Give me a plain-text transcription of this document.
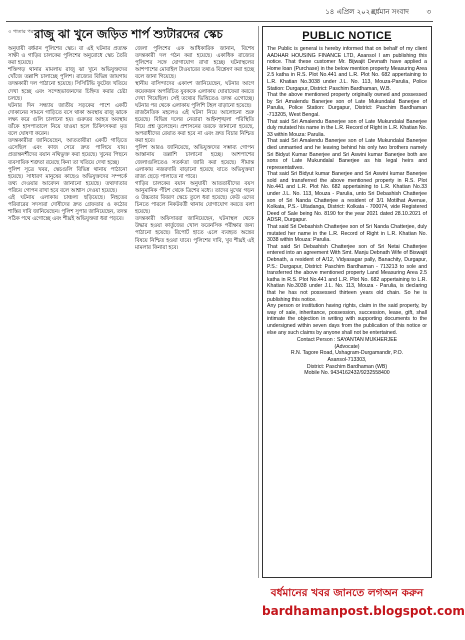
১৪ এপ্রিল ২০২৫,
বর্ধমান সংবাদ ৩
৩ পাতার পর রাজু ঝা খুনে জড়িত শার্প শ্যুটারদের স্কেচ

অনুযায়ী বর্ধমান পুলিশের স্কেচ। বা এই ঘটনার প্রত্যক্ষ সাক্ষী ও গাড়ির চালকের পুলিশের অনুরোধে স্কেচ তৈরি করা হয়েছে।

শক্তিগড় থানার মামলায় রাজু ঝা খুনে অভিযুক্তদের খোঁজে তল্লাশি চালাচ্ছে পুলিশ। রাজ্যের বিভিন্ন জায়গায় তদন্তকারী দল পাঠানো হয়েছে। সিসিটিভি ফুটেজ খতিয়ে দেখা হচ্ছে এবং সন্দেহভাজনদের চিহ্নিত করার চেষ্টা চলছে।

ঘটনার দিন সন্ধ্যায় জাতীয় সড়কের পাশে একটি দোকানের সামনে গাড়িতে বসে থাকা অবস্থায় রাজু ঝাকে লক্ষ্য করে গুলি চালানো হয়। গুরুতর আহত অবস্থায় তাঁকে হাসপাতালে নিয়ে যাওয়া হলে চিকিৎসকরা মৃত বলে ঘোষণা করেন।

তদন্তকারীরা জানিয়েছেন, আততায়ীরা একটি গাড়িতে এসেছিল এবং কাজ সেরে দ্রুত পালিয়ে যায়। প্রত্যক্ষদর্শীদের বয়ান নথিভুক্ত করা হয়েছে। খুনের পিছনে ব্যবসায়িক শত্রুতা রয়েছে কিনা তা খতিয়ে দেখা হচ্ছে।

পুলিশ সূত্রে খবর, স্কেচগুলি বিভিন্ন থানায় পাঠানো হয়েছে। সাধারণ মানুষের কাছেও অভিযুক্তদের সম্পর্কে তথ্য দেওয়ার আবেদন জানানো হয়েছে। তথ্যদাতার পরিচয় গোপন রাখা হবে বলে আশ্বাস দেওয়া হয়েছে।

এই ঘটনায় এলাকায় চাঞ্চল্য ছড়িয়েছে। নিহতের পরিবারের সদস্যরা দোষীদের দ্রুত গ্রেফতার ও কঠোর শাস্তির দাবি জানিয়েছেন। পুলিশ সুপার জানিয়েছেন, তদন্ত সঠিক পথে এগোচ্ছে এবং শীঘ্রই অভিযুক্তরা ধরা পড়বে।

জেলা পুলিশের এক আধিকারিক জানান, বিশেষ তদন্তকারী দল গঠন করা হয়েছে। একাধিক রাজ্যের পুলিশের সঙ্গে যোগাযোগ রাখা হচ্ছে। ঘটনাস্থলের আশপাশের মোবাইল টাওয়ারের তথ্যও বিশ্লেষণ করা হচ্ছে বলে জানা গিয়েছে।

স্থানীয় বাসিন্দাদের একাংশ জানিয়েছেন, ঘটনার আগে কয়েকজন অপরিচিত যুবককে এলাকায় ঘোরাফেরা করতে দেখা গিয়েছিল। সেই তথ্যের ভিত্তিতেও তদন্ত এগোচ্ছে। ঘটনার পর থেকে এলাকায় পুলিশি টহল বাড়ানো হয়েছে।

রাজনৈতিক মহলেও এই ঘটনা নিয়ে আলোচনা শুরু হয়েছে। বিভিন্ন দলের নেতারা আইনশৃঙ্খলা পরিস্থিতি নিয়ে প্রশ্ন তুলেছেন। প্রশাসনের তরফে জানানো হয়েছে, অপরাধীদের রেয়াত করা হবে না এবং দ্রুত বিচার নিশ্চিত করা হবে।

পুলিশ আরও জানিয়েছে, অভিযুক্তদের সম্ভাব্য গোপন আস্তানায় তল্লাশি চালানো হচ্ছে। আশপাশের জেলাগুলিতেও সতর্কতা জারি করা হয়েছে। সীমান্ত এলাকায় নজরদারি বাড়ানো হয়েছে যাতে অভিযুক্তরা রাজ্য ছেড়ে পালাতে না পারে।

গাড়ির চালকের বয়ান অনুযায়ী আততায়ীদের বয়স আনুমানিক পঁচিশ থেকে ত্রিশের মধ্যে। তাদের মুখের গড়ন ও উচ্চতার বিবরণ স্কেচে তুলে ধরা হয়েছে। কেউ এদের চিনতে পারলে নিকটবর্তী থানায় যোগাযোগ করতে বলা হয়েছে।

তদন্তকারী অফিসাররা জানিয়েছেন, ঘটনাস্থল থেকে উদ্ধার হওয়া কার্তুজের খোল ফরেনসিক পরীক্ষার জন্য পাঠানো হয়েছে। রিপোর্ট হাতে এলে ব্যবহৃত অস্ত্রের বিষয়ে নিশ্চিত হওয়া যাবে। পুলিশের দাবি, খুব শীঘ্রই এই মামলার কিনারা হবে।

PUBLIC NOTICE

The Public is general is hereby informed that on behalf of my client AADHAR HOUSING FINANCE LTD, Asansol I am publishing this notice. That these customer Mr. Bijwajit Devnath have applied a Home loan (Purchase) in the below mention property Measuring Area 2.5 katha in R.S. Plot No.441 and L.R. Plot No. 682 appertaining to L.R. Khatian No.3038 under J.L. No. 113, Mouza-Parulia, Police Station: Durgapur, District: Paschim Bardhaman, W.B.

That the above mentioned property originally owned and possessed by Sri Amalendu Banerjee son of Late Mukundalal Banerjee of Parulia, Police Station: Durgapur, District: Paschim Bardhaman -713205, West Bengal.

That said Sri Amalendu Banerjee son of Late Mukundalal Banerjee duly mutated his name in the L.R. Record of Right in L.R. Khatian No. 33 within Mouza: Parulia.

That said Sri Amalendu Banerjee son of Late Mukundalal Banerjee died unmarried and he leaving behind his only two brothers namely Sri Bidyut Kumar Banerjee and Sri Aswini kumar Banerjee both are sons of Late Mukundalal Banerjee as his legal heirs and representatives.

That said Sri Bidyut kumar Banerjee and Sri Aswini kumar Banerjee sold and transferred the above mentioned property in R.S. Plot No.441 and L.R. Plot No. 682 appertaining to L.R. Khatian No.33 under J.L. No. 113, Mouza - Parulia, unto Sri Debashish Chatterjee son of Sri Nanda Chatterjee a resident of 3/1 Motilhat Avenue, Kolkata, P.S.- Ultadanga, District: Kolkata - 700074, vide Registered Deed of Sale being No. 8190 for the year 2021 dated 28.10.2021 of ADSR, Durgapur.

That said Sri Debashish Chatterjee son of Sri Nanda Chatterjee, duly mutated her name in the L.R. Record of Right in L.R. Khatian No. 3038 within Mouza: Parulia.

That said Sri Debashish Chatterjee son of Sri Netai Chatterjee entered into an agreement With Smt. Manju Debnath Wife of Biswajit Debnath, a resident of A/12, Vidyasagar pally, Banachity, Durgapur, P.S.: Durgapur, District: Paschim Bardhaman - 713213 to sole and transferred the above mentioned property Land Measuring Area 2.5 katha in R.S. Plot No.441 and L.R. Plot No. 682 appertaining to L.R. Khatian No.3038 under J.L. No. 113, Mouza - Parulia, is declaring that he has not possessed thirteen years old chain. So he is publishing this notice.

Any person or institution having rights, claim in the said property, by way of sale, inheritance, possession, succession, lease, gift, shall intimate the objection in writing with supporting documents to the undersigned within seven days from the publication of this notice or else any such claims by anyone shall not be entertained.

Contact Person : SAYANTAN MUKHERJEE
(Advocate)
R.N. Tagore Road, Ushagram-Durgamandir, P.O.
Asansol-713303,
District: Paschim Bardhaman (WB)
Mobile No. 9434162432/9232558400
বর্ধমানের খবর জানতে লগঅন করুন
bardhamanpost.blogspot.com
